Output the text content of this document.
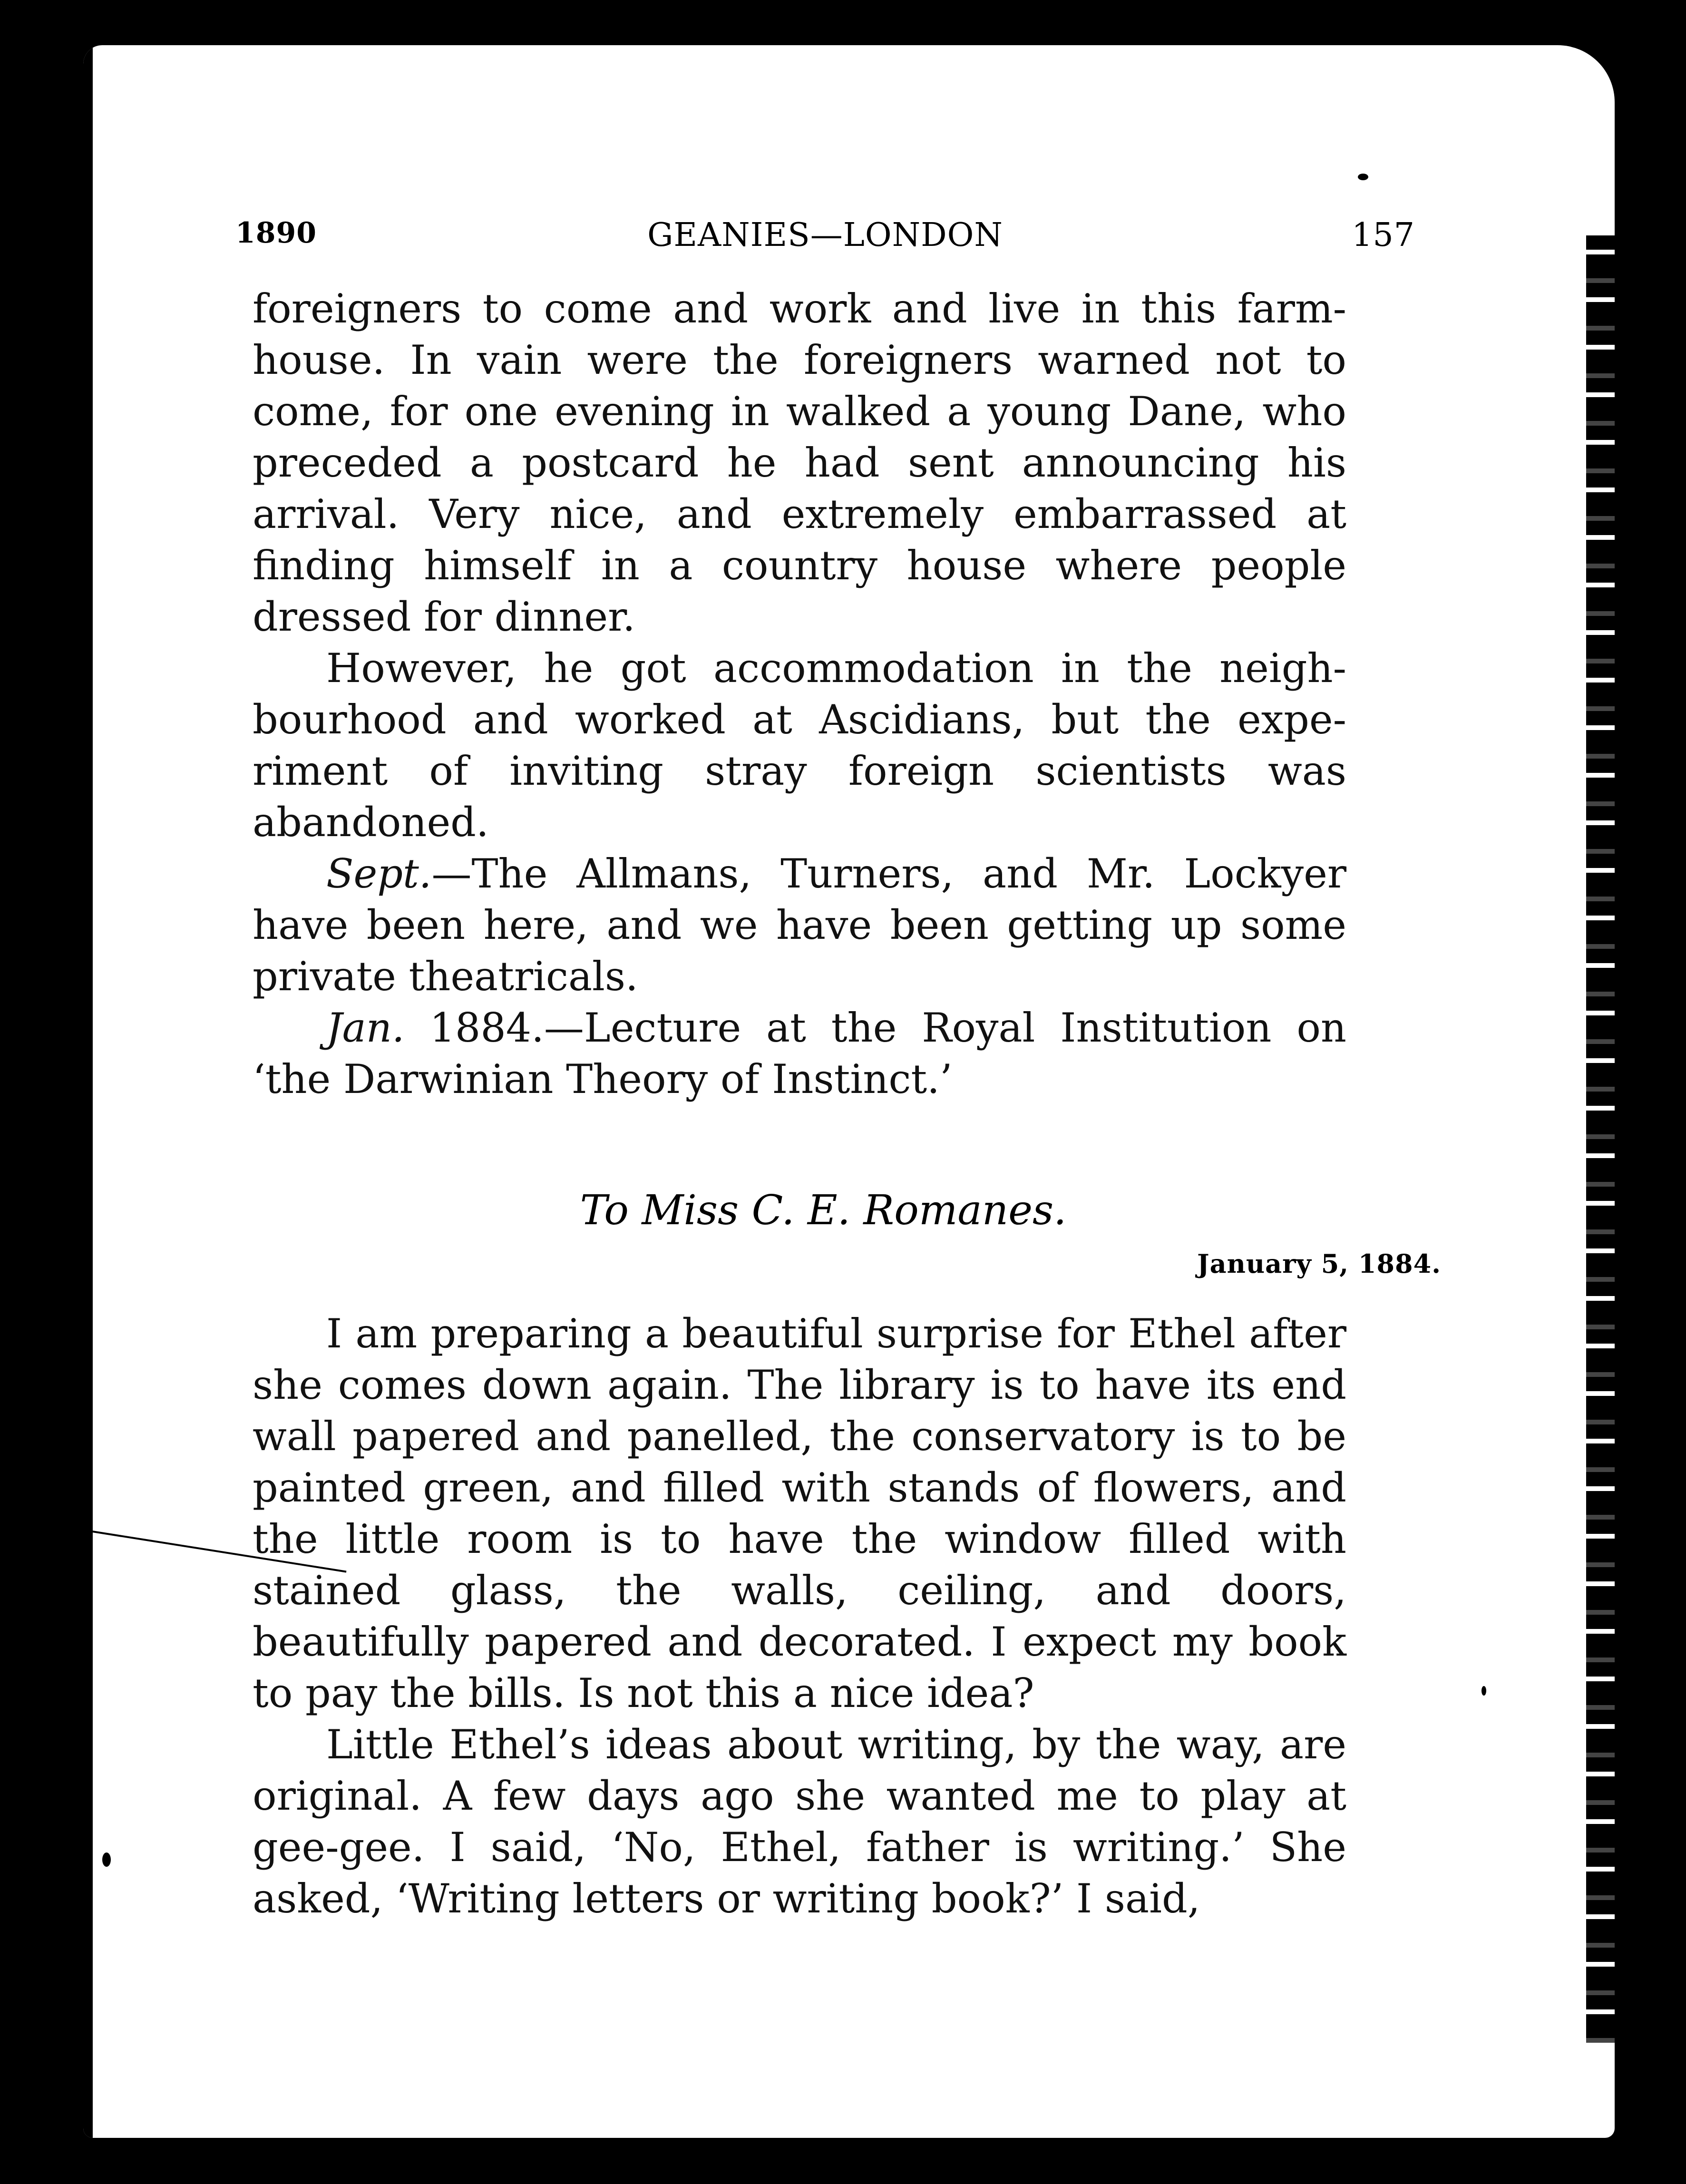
1890	GEANIES—LONDON	157

foreigners to come and work and live in this farm-house. In vain were the foreigners warned not to come, for one evening in walked a young Dane, who preceded a postcard he had sent announcing his arrival. Very nice, and extremely embarrassed at finding himself in a country house where people dressed for dinner.

However, he got accommodation in the neigh-bourhood and worked at Ascidians, but the expe-riment of inviting stray foreign scientists was abandoned.

Sept.—The Allmans, Turners, and Mr. Lockyer have been here, and we have been getting up some private theatricals.

Jan. 1884.—Lecture at the Royal Institution on ‘the Darwinian Theory of Instinct.’

To Miss C. E. Romanes.
January 5, 1884.

I am preparing a beautiful surprise for Ethel after she comes down again. The library is to have its end wall papered and panelled, the conservatory is to be painted green, and filled with stands of flowers, and the little room is to have the window filled with stained glass, the walls, ceiling, and doors, beautifully papered and decorated. I expect my book to pay the bills. Is not this a nice idea?

Little Ethel’s ideas about writing, by the way, are original. A few days ago she wanted me to play at gee-gee. I said, ‘No, Ethel, father is writing.’ She asked, ‘Writing letters or writing book?’ I said,
